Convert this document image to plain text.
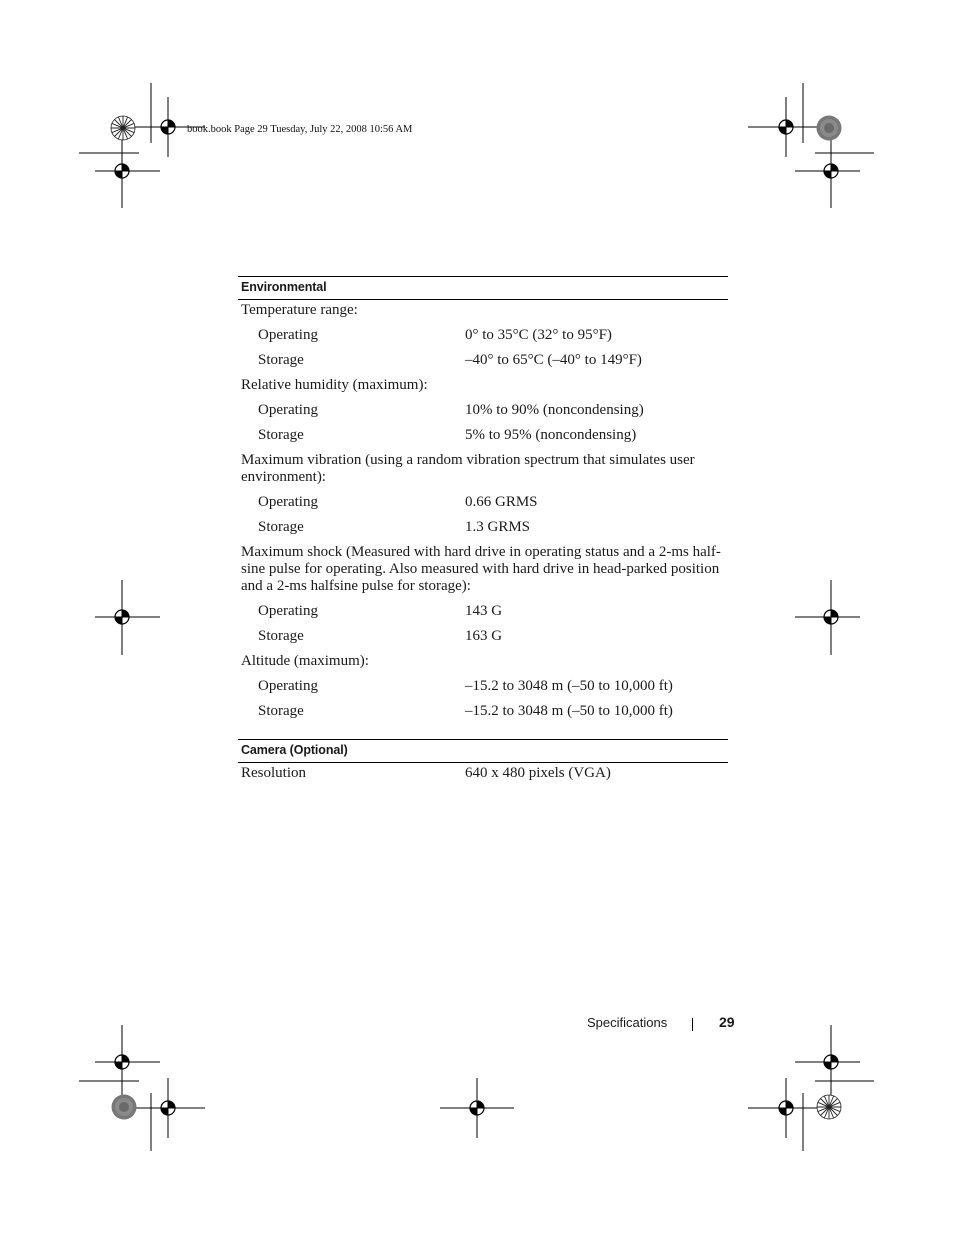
book.book Page 29 Tuesday, July 22, 2008 10:56 AM
Environmental
Temperature range:
Operating	0° to 35°C (32° to 95°F)
Storage	–40° to 65°C (–40° to 149°F)
Relative humidity (maximum):
Operating	10% to 90% (noncondensing)
Storage	5% to 95% (noncondensing)
Maximum vibration (using a random vibration spectrum that simulates user environment):
Operating	0.66 GRMS
Storage	1.3 GRMS
Maximum shock (Measured with hard drive in operating status and a 2-ms half-sine pulse for operating. Also measured with hard drive in head-parked position and a 2-ms halfsine pulse for storage):
Operating	143 G
Storage	163 G
Altitude (maximum):
Operating	–15.2 to 3048 m (–50 to 10,000 ft)
Storage	–15.2 to 3048 m (–50 to 10,000 ft)
Camera (Optional)
Resolution	640 x 480 pixels (VGA)
Specifications	29
